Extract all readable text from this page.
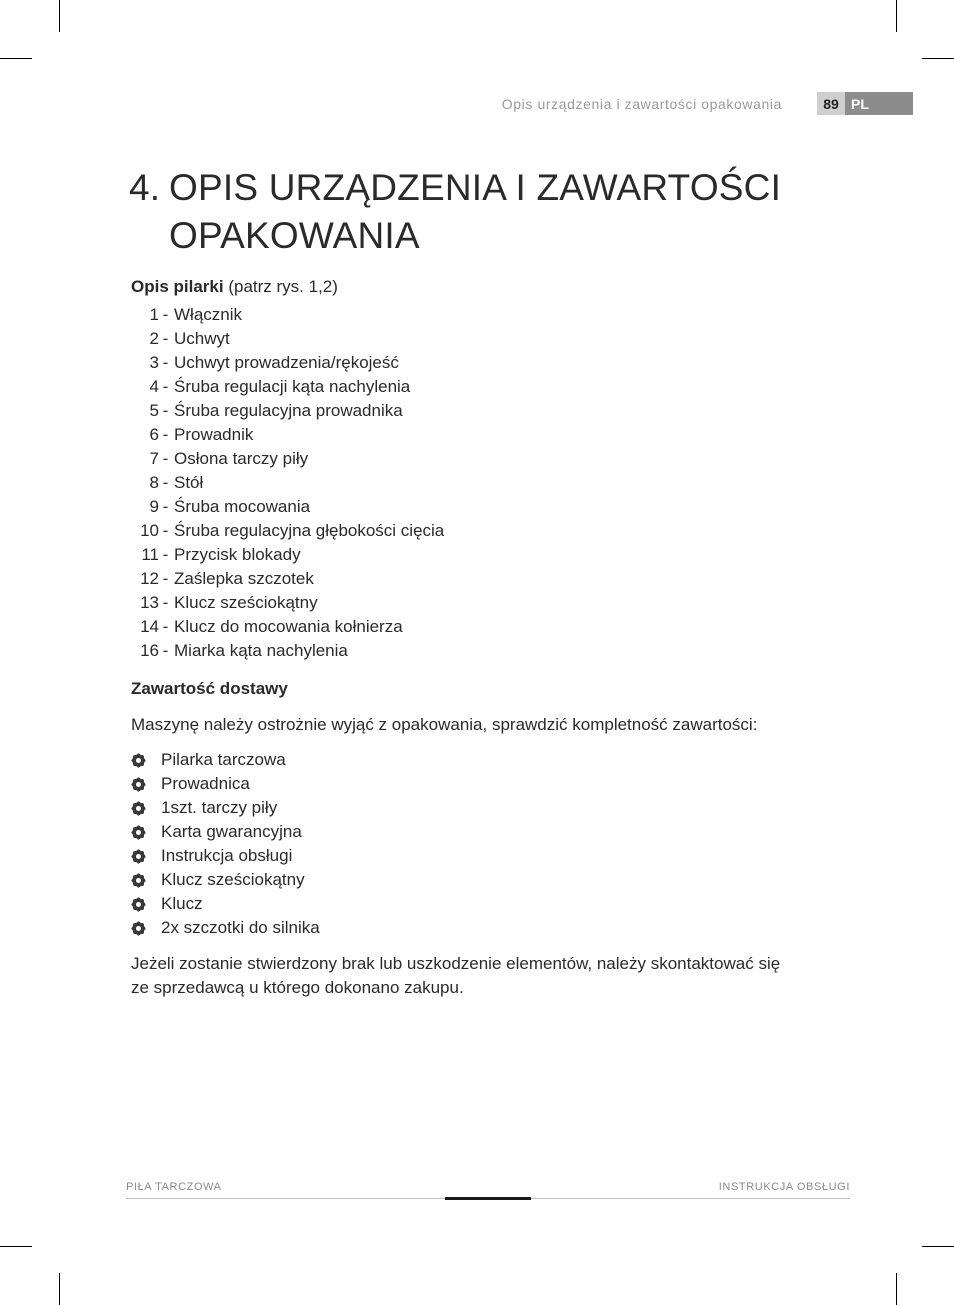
Opis urządzenia i zawartości opakowania	89 PL
4. OPIS URZĄDZENIA I ZAWARTOŚCI
OPAKOWANIA
Opis pilarki (patrz rys. 1,2)
1 - Włącznik
2 - Uchwyt
3 - Uchwyt prowadzenia/rękojeść
4 - Śruba regulacji kąta nachylenia
5 - Śruba regulacyjna prowadnika
6 - Prowadnik
7 - Osłona tarczy piły
8 - Stół
9 - Śruba mocowania
10 - Śruba regulacyjna głębokości cięcia
11 - Przycisk blokady
12 - Zaślepka szczotek
13 - Klucz sześciokątny
14 - Klucz do mocowania kołnierza
16 - Miarka kąta nachylenia
Zawartość dostawy

Maszynę należy ostrożnie wyjąć z opakowania, sprawdzić kompletność zawartości:

Pilarka tarczowa
Prowadnica
1szt. tarczy piły
Karta gwarancyjna
Instrukcja obsługi
Klucz sześciokątny
Klucz
2x szczotki do silnika

Jeżeli zostanie stwierdzony brak lub uszkodzenie elementów, należy skontaktować się ze sprzedawcą u którego dokonano zakupu.

PIŁA TARCZOWA	INSTRUKCJA OBSŁUGI
